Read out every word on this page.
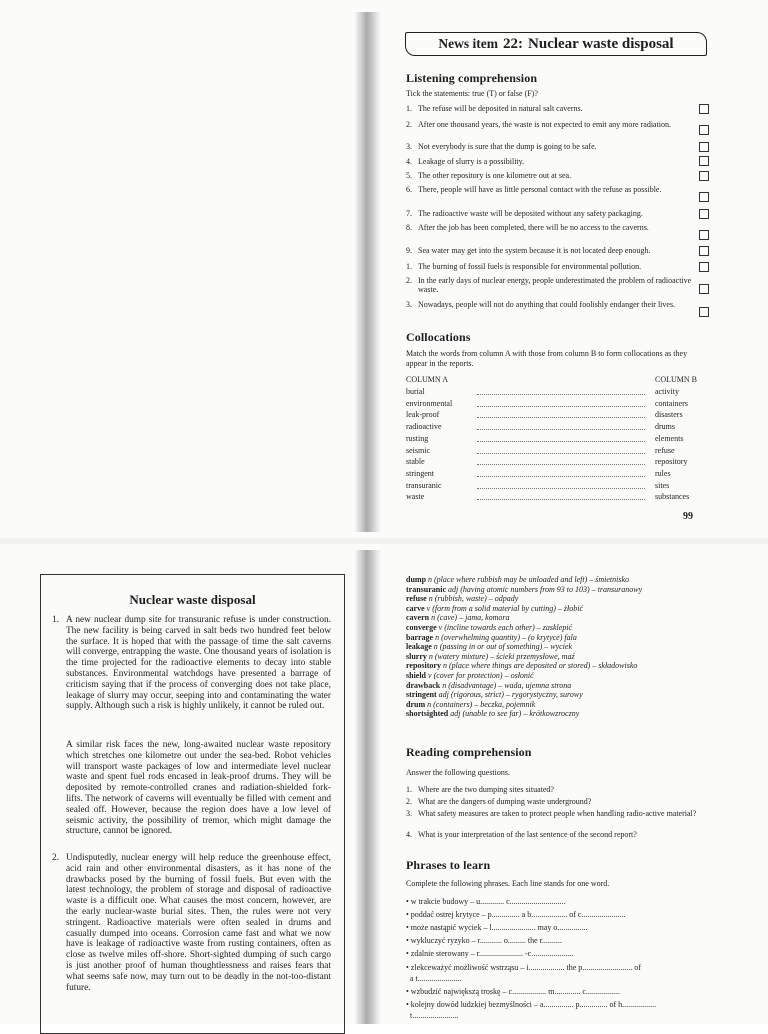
News item 22: Nuclear waste disposal
Listening comprehension
Tick the statements: true (T) or false (F)?
Collocations
Match the words from column A with those from column B to form collocations as they appear in the reports.
COLUMN A	COLUMN B
99
Nuclear waste disposal
1. A new nuclear dump site for transuranic refuse is under construction. The new facility is being carved in salt beds two hundred feet below the surface. It is hoped that with the passage of time the salt caverns will converge, entrapping the waste. One thousand years of isolation is the time projected for the radioactive elements to decay into stable substances. Environmental watchdogs have presented a barrage of criticism saying that if the process of converging does not take place, leakage of slurry may occur, seeping into and contaminating the water supply. Although such a risk is highly unlikely, it cannot be ruled out.
A similar risk faces the new, long-awaited nuclear waste repository which stretches one kilometre out under the sea-bed. Robot vehicles will transport waste packages of low and intermediate level nuclear waste and spent fuel rods encased in leak-proof drums. They will be deposited by remote-controlled cranes and radiation-shielded fork-lifts. The network of caverns will eventually be filled with cement and sealed off. However, because the region does have a low level of seismic activity, the possibility of tremor, which might damage the structure, cannot be ignored.
2. Undisputedly, nuclear energy will help reduce the greenhouse effect, acid rain and other environmental disasters, as it has none of the drawbacks posed by the burning of fossil fuels. But even with the latest technology, the problem of storage and disposal of radioactive waste is a difficult one. What causes the most concern, however, are the early nuclear-waste burial sites. Then, the rules were not very stringent. Radioactive materials were often sealed in drums and casually dumped into oceans. Corrosion came fast and what we now have is leakage of radioactive waste from rusting containers, often as close as twelve miles off-shore. Short-sighted dumping of such cargo is just another proof of human thoughtlessness and raises fears that what seems safe now, may turn out to be deadly in the not-too-distant future.
Reading comprehension
Answer the following questions.
Phrases to learn
Complete the following phrases. Each line stands for one word.
1. The refuse will be deposited in natural salt caverns.
2. After one thousand years, the waste is not expected to emit any more radiation.
3. Not everybody is sure that the dump is going to be safe.
4. Leakage of slurry is a possibility.
5. The other repository is one kilometre out at sea.
6. There, people will have as little personal contact with the refuse as possible.
7. The radioactive waste will be deposited without any safety packaging.
8. After the job has been completed, there will be no access to the caverns.
9. Sea water may get into the system because it is not located deep enough.
1. The burning of fossil fuels is responsible for environmental pollution.
2. In the early days of nuclear energy, people underestimated the problem of radioactive waste.
3. Nowadays, people will not do anything that could foolishly endanger their lives.
burial	activity
environmental	containers
leak-proof	disasters
radioactive	drums
rusting	elements
seismic	refuse
stable	repository
stringent	rules
transuranic	sites
waste	substances
dump n (place where rubbish may be unloaded and left) – śmietnisko
transuranic adj (having atomic numbers from 93 to 103) – transuranowy
refuse n (rubbish, waste) – odpady
carve v (form from a solid material by cutting) – żłobić
cavern n (cave) – jama, komora
converge v (incline towards each other) – zasklepić
barrage n (overwhelming quantity) – (o krytyce) fala
leakage n (passing in or out of something) – wyciek
slurry n (watery mixture) – ścieki przemysłowe, maź
repository n (place where things are deposited or stored) – składowisko
shield v (cover for protection) – osłonić
drawback n (disadvantage) – wada, ujemna strona
stringent adj (rigorous, strict) – rygorystyczny, surowy
drum n (containers) – beczka, pojemnik
shortsighted adj (unable to see far) – krótkowzroczny
1. Where are the two dumping sites situated?
2. What are the dangers of dumping waste underground?
3. What safety measures are taken to protect people when handling radio-active material?
4. What is your interpretation of the last sentence of the second report?
• w trakcie budowy – u............ c............................
• poddać ostrej krytyce – p.............. a b.................. of c......................
• może nastąpić wyciek – l...................... may o...............
• wykluczyć ryzyko – r........... o......... the r..........
• zdalnie sterowany – r...................... -c.....................
• zlekceważyć możliwość wstrząsu – i.................. the p......................... of
a t......................
• wzbudzić największą troskę – c................. m............. c.................
• kolejny dowód ludzkiej bezmyślności – a............... p.............. of h.................
t.......................
